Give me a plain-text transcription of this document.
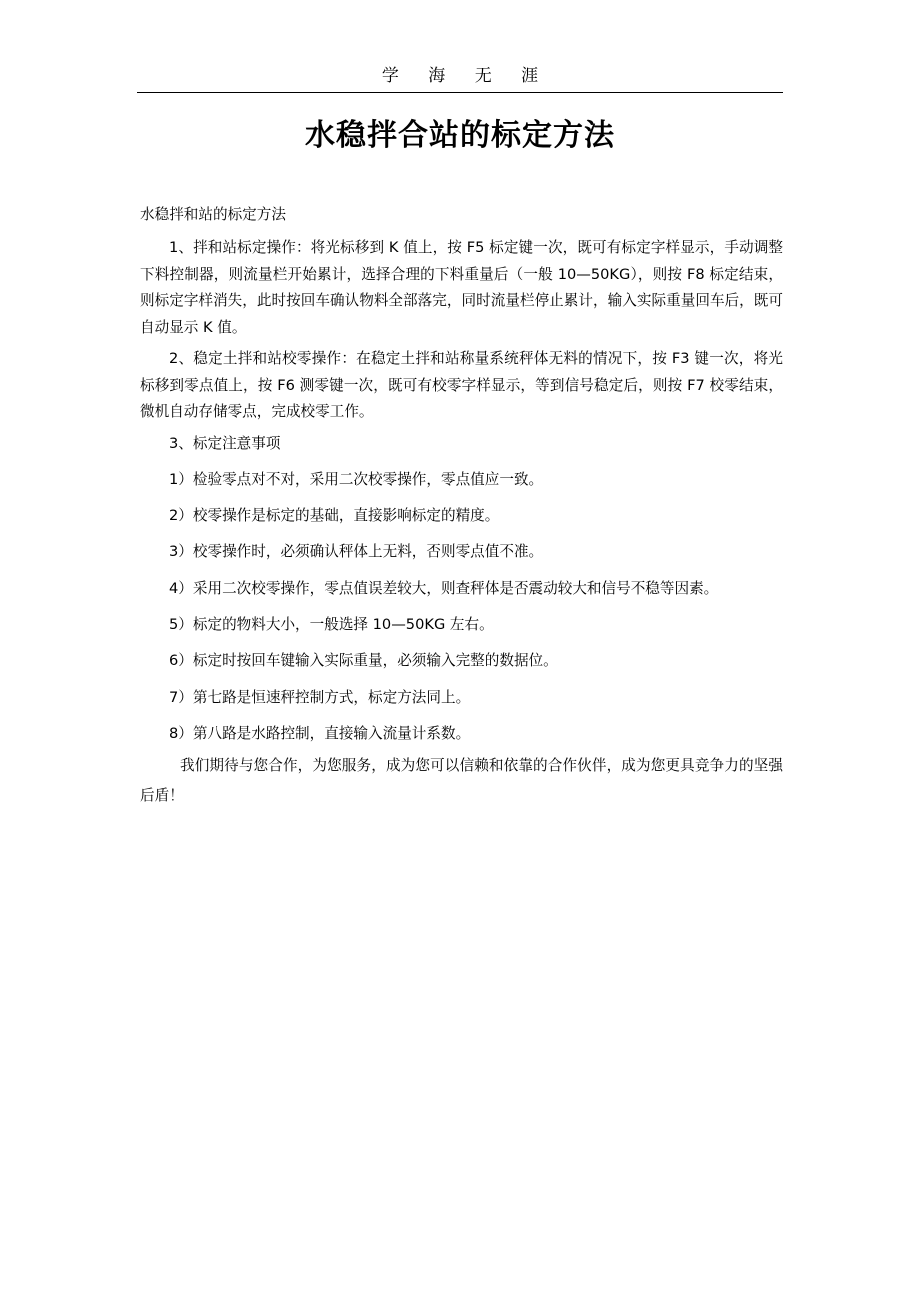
学 海 无 涯
水稳拌合站的标定方法

水稳拌和站的标定方法

1、拌和站标定操作：将光标移到 K 值上，按 F5 标定键一次，既可有标定字样显示，手动调整下料控制器，则流量栏开始累计，选择合理的下料重量后（一般 10—50KG），则按 F8 标定结束，则标定字样消失，此时按回车确认物料全部落完，同时流量栏停止累计，输入实际重量回车后，既可自动显示 K 值。

2、稳定土拌和站校零操作：在稳定土拌和站称量系统秤体无料的情况下，按 F3 键一次，将光标移到零点值上，按 F6 测零键一次，既可有校零字样显示，等到信号稳定后，则按 F7 校零结束，微机自动存储零点，完成校零工作。

3、标定注意事项

1）检验零点对不对，采用二次校零操作，零点值应一致。

2）校零操作是标定的基础，直接影响标定的精度。

3）校零操作时，必须确认秤体上无料，否则零点值不准。

4）采用二次校零操作，零点值误差较大，则查秤体是否震动较大和信号不稳等因素。

5）标定的物料大小，一般选择 10—50KG 左右。

6）标定时按回车键输入实际重量，必须输入完整的数据位。

7）第七路是恒速秤控制方式，标定方法同上。

8）第八路是水路控制，直接输入流量计系数。

我们期待与您合作，为您服务，成为您可以信赖和依靠的合作伙伴，成为您更具竞争力的坚强后盾！
